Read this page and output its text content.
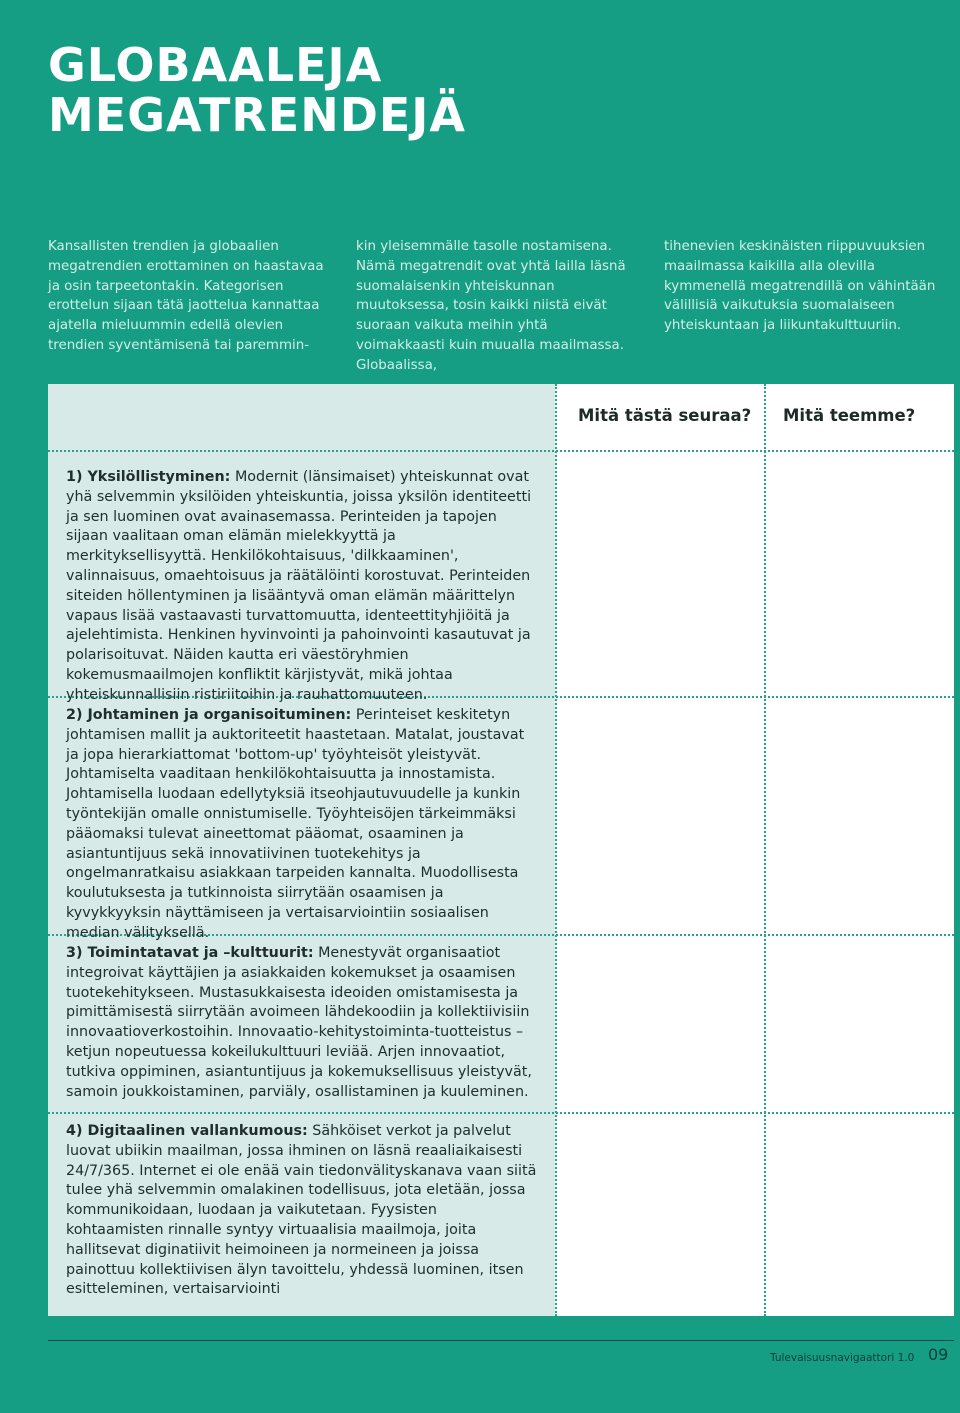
GLOBAALEJA
MEGATRENDEJÄ

Kansallisten trendien ja globaalien megatrendien erottaminen on haastavaa ja osin tarpeetontakin. Kategorisen erottelun sijaan tätä jaottelua kannattaa ajatella mieluummin edellä olevien trendien syventämisenä tai paremmin-

kin yleisemmälle tasolle nostamisena. Nämä megatrendit ovat yhtä lailla läsnä suomalaisenkin yhteiskunnan muutoksessa, tosin kaikki niistä eivät suoraan vaikuta meihin yhtä voimakkaasti kuin muualla maailmassa. Globaalissa,

tihenevien keskinäisten riippuvuuksien maailmassa kaikilla alla olevilla kymmenellä megatrendillä on vähintään välillisiä vaikutuksia suomalaiseen yhteiskuntaan ja liikuntakulttuuriin.

Mitä tästä seuraa? Mitä teemme?

1) Yksilöllistyminen: Modernit (länsimaiset) yhteiskunnat ovat yhä selvemmin yksilöiden yhteiskuntia, joissa yksilön identiteetti ja sen luominen ovat avainasemassa. Perinteiden ja tapojen sijaan vaalitaan oman elämän mielekkyyttä ja merkityksellisyyttä. Henkilökohtaisuus, 'dilkkaaminen', valinnaisuus, omaehtoisuus ja räätälöinti korostuvat. Perinteiden siteiden höllentyminen ja lisääntyvä oman elämän määrittelyn vapaus lisää vastaavasti turvattomuutta, identeettityhjiöitä ja ajelehtimista. Henkinen hyvinvointi ja pahoinvointi kasautuvat ja polarisoituvat. Näiden kautta eri väestöryhmien kokemusmaailmojen konfliktit kärjistyvät, mikä johtaa yhteiskunnallisiin ristiriitoihin ja rauhattomuuteen.

2) Johtaminen ja organisoituminen: Perinteiset keskitetyn johtamisen mallit ja auktoriteetit haastetaan. Matalat, joustavat ja jopa hierarkiattomat 'bottom-up' työyhteisöt yleistyvät. Johtamiselta vaaditaan henkilökohtaisuutta ja innostamista. Johtamisella luodaan edellytyksiä itseohjautuvuudelle ja kunkin työntekijän omalle onnistumiselle. Työyhteisöjen tärkeimmäksi pääomaksi tulevat aineettomat pääomat, osaaminen ja asiantuntijuus sekä innovatiivinen tuotekehitys ja ongelmanratkaisu asiakkaan tarpeiden kannalta. Muodollisesta koulutuksesta ja tutkinnoista siirrytään osaamisen ja kyvykkyyksin näyttämiseen ja vertaisarviointiin sosiaalisen median välityksellä.

3) Toimintatavat ja –kulttuurit: Menestyvät organisaatiot integroivat käyttäjien ja asiakkaiden kokemukset ja osaamisen tuotekehitykseen. Mustasukkaisesta ideoiden omistamisesta ja pimittämisestä siirrytään avoimeen lähdekoodiin ja kollektiivisiin innovaatioverkostoihin. Innovaatio-kehitystoiminta-tuotteistus –ketjun nopeutuessa kokeilukulttuuri leviää. Arjen innovaatiot, tutkiva oppiminen, asiantuntijuus ja kokemuksellisuus yleistyvät, samoin joukkoistaminen, parviäly, osallistaminen ja kuuleminen.

4) Digitaalinen vallankumous: Sähköiset verkot ja palvelut luovat ubiikin maailman, jossa ihminen on läsnä reaaliaikaisesti 24/7/365. Internet ei ole enää vain tiedonvälityskanava vaan siitä tulee yhä selvemmin omalakinen todellisuus, jota eletään, jossa kommunikoidaan, luodaan ja vaikutetaan. Fyysisten kohtaamisten rinnalle syntyy virtuaalisia maailmoja, joita hallitsevat diginatiivit heimoineen ja normeineen ja joissa painottuu kollektiivisen älyn tavoittelu, yhdessä luominen, itsen esitteleminen, vertaisarviointi

Tulevaisuusnavigaattori 1.0 09
